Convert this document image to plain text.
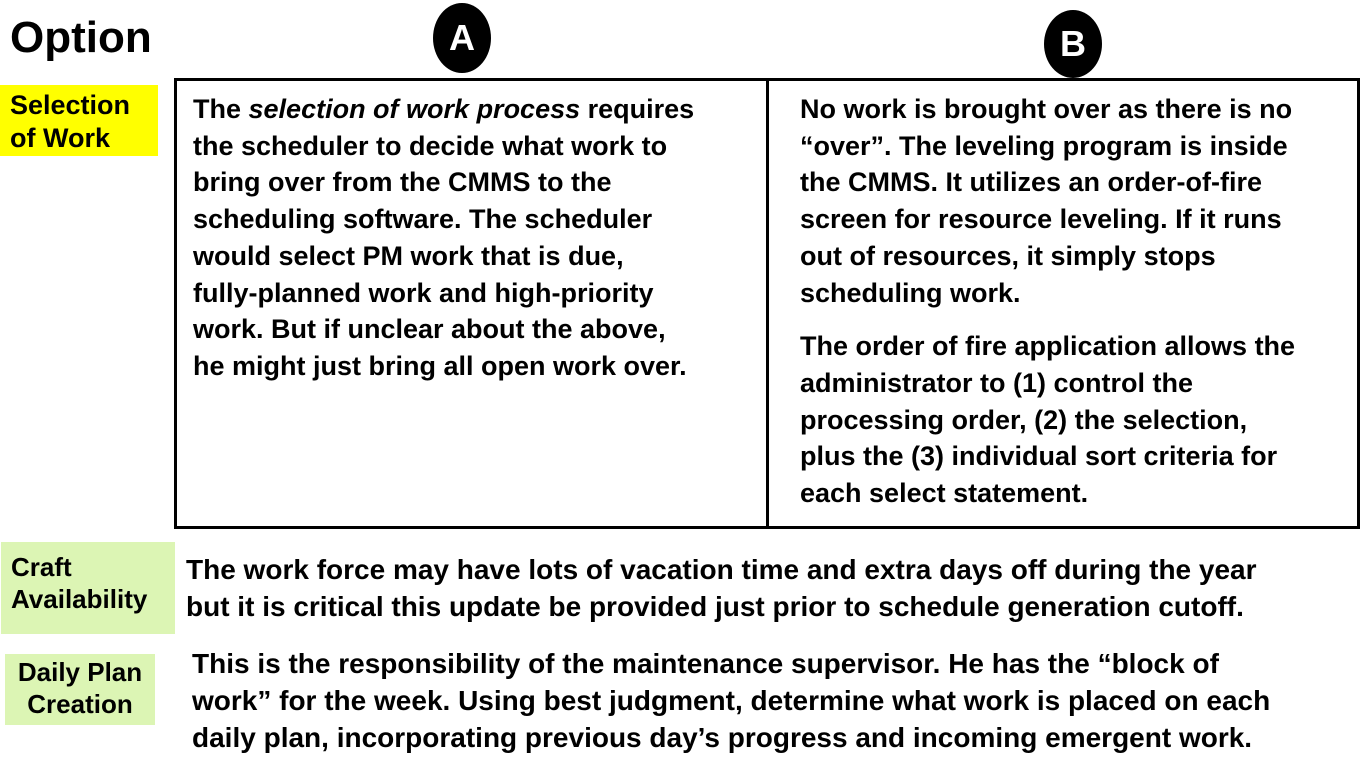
Option	A	B
Selection
of Work

The selection of work process requires

the scheduler to decide what work to

bring over from the CMMS to the

scheduling software. The scheduler

would select PM work that is due,

fully-planned work and high-priority

work. But if unclear about the above,

he might just bring all open work over.

No work is brought over as there is no
“over”. The leveling program is inside
the CMMS. It utilizes an order-of-fire
screen for resource leveling. If it runs
out of resources, it simply stops
scheduling work.

The order of fire application allows the
administrator to (1) control the
processing order, (2) the selection,
plus the (3) individual sort criteria for
each select statement.

Craft
Availability
The work force may have lots of vacation time and extra days off during the year
but it is critical this update be provided just prior to schedule generation cutoff.
Daily Plan
Creation
This is the responsibility of the maintenance supervisor. He has the “block of
work” for the week. Using best judgment, determine what work is placed on each
daily plan, incorporating previous day’s progress and incoming emergent work.
